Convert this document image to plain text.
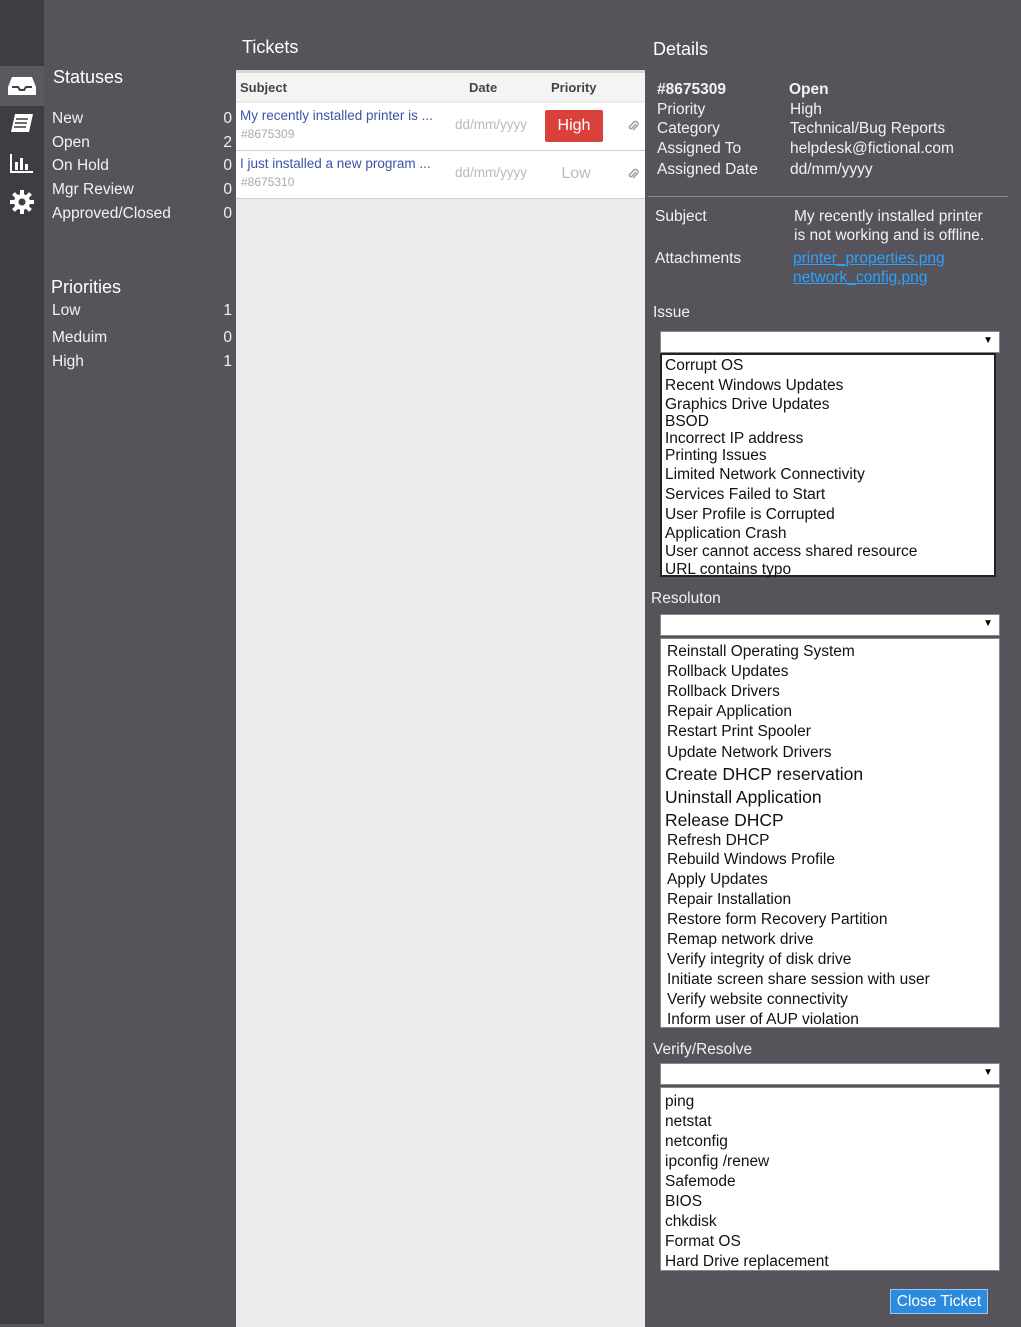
Statuses
New	0
Open	2
On Hold	0
Mgr Review	0
Approved/Closed	0
Priorities
Low	1
Meduim	0
High	1
Tickets
Subject	Date	Priority
My recently installed printer is ...
#8675309
dd/mm/yyyy	High
I just installed a new program ...
#8675310
dd/mm/yyyy	Low
Details
#8675309	Open
Priority	High
Category	Technical/Bug Reports
Assigned To	helpdesk@fictional.com
Assigned Date dd/mm/yyyy
Subject	My recently installed printer
is not working and is offline.
Attachments	printer_properties.png
network_config.png
Issue
▼
Corrupt OS
Recent Windows Updates
Graphics Drive Updates
BSOD
Incorrect IP address
Printing Issues
Limited Network Connectivity
Services Failed to Start
User Profile is Corrupted
Application Crash
User cannot access shared resource
URL contains typo
Resoluton
▼
Reinstall Operating System
Rollback Updates
Rollback Drivers
Repair Application
Restart Print Spooler
Update Network Drivers
Create DHCP reservation
Uninstall Application
Release DHCP
Refresh DHCP
Rebuild Windows Profile
Apply Updates
Repair Installation
Restore form Recovery Partition
Remap network drive
Verify integrity of disk drive
Initiate screen share session with user
Verify website connectivity
Inform user of AUP violation
Verify/Resolve
▼
ping
netstat
netconfig
ipconfig /renew
Safemode
BIOS
chkdisk
Format OS
Hard Drive replacement
Close Ticket
